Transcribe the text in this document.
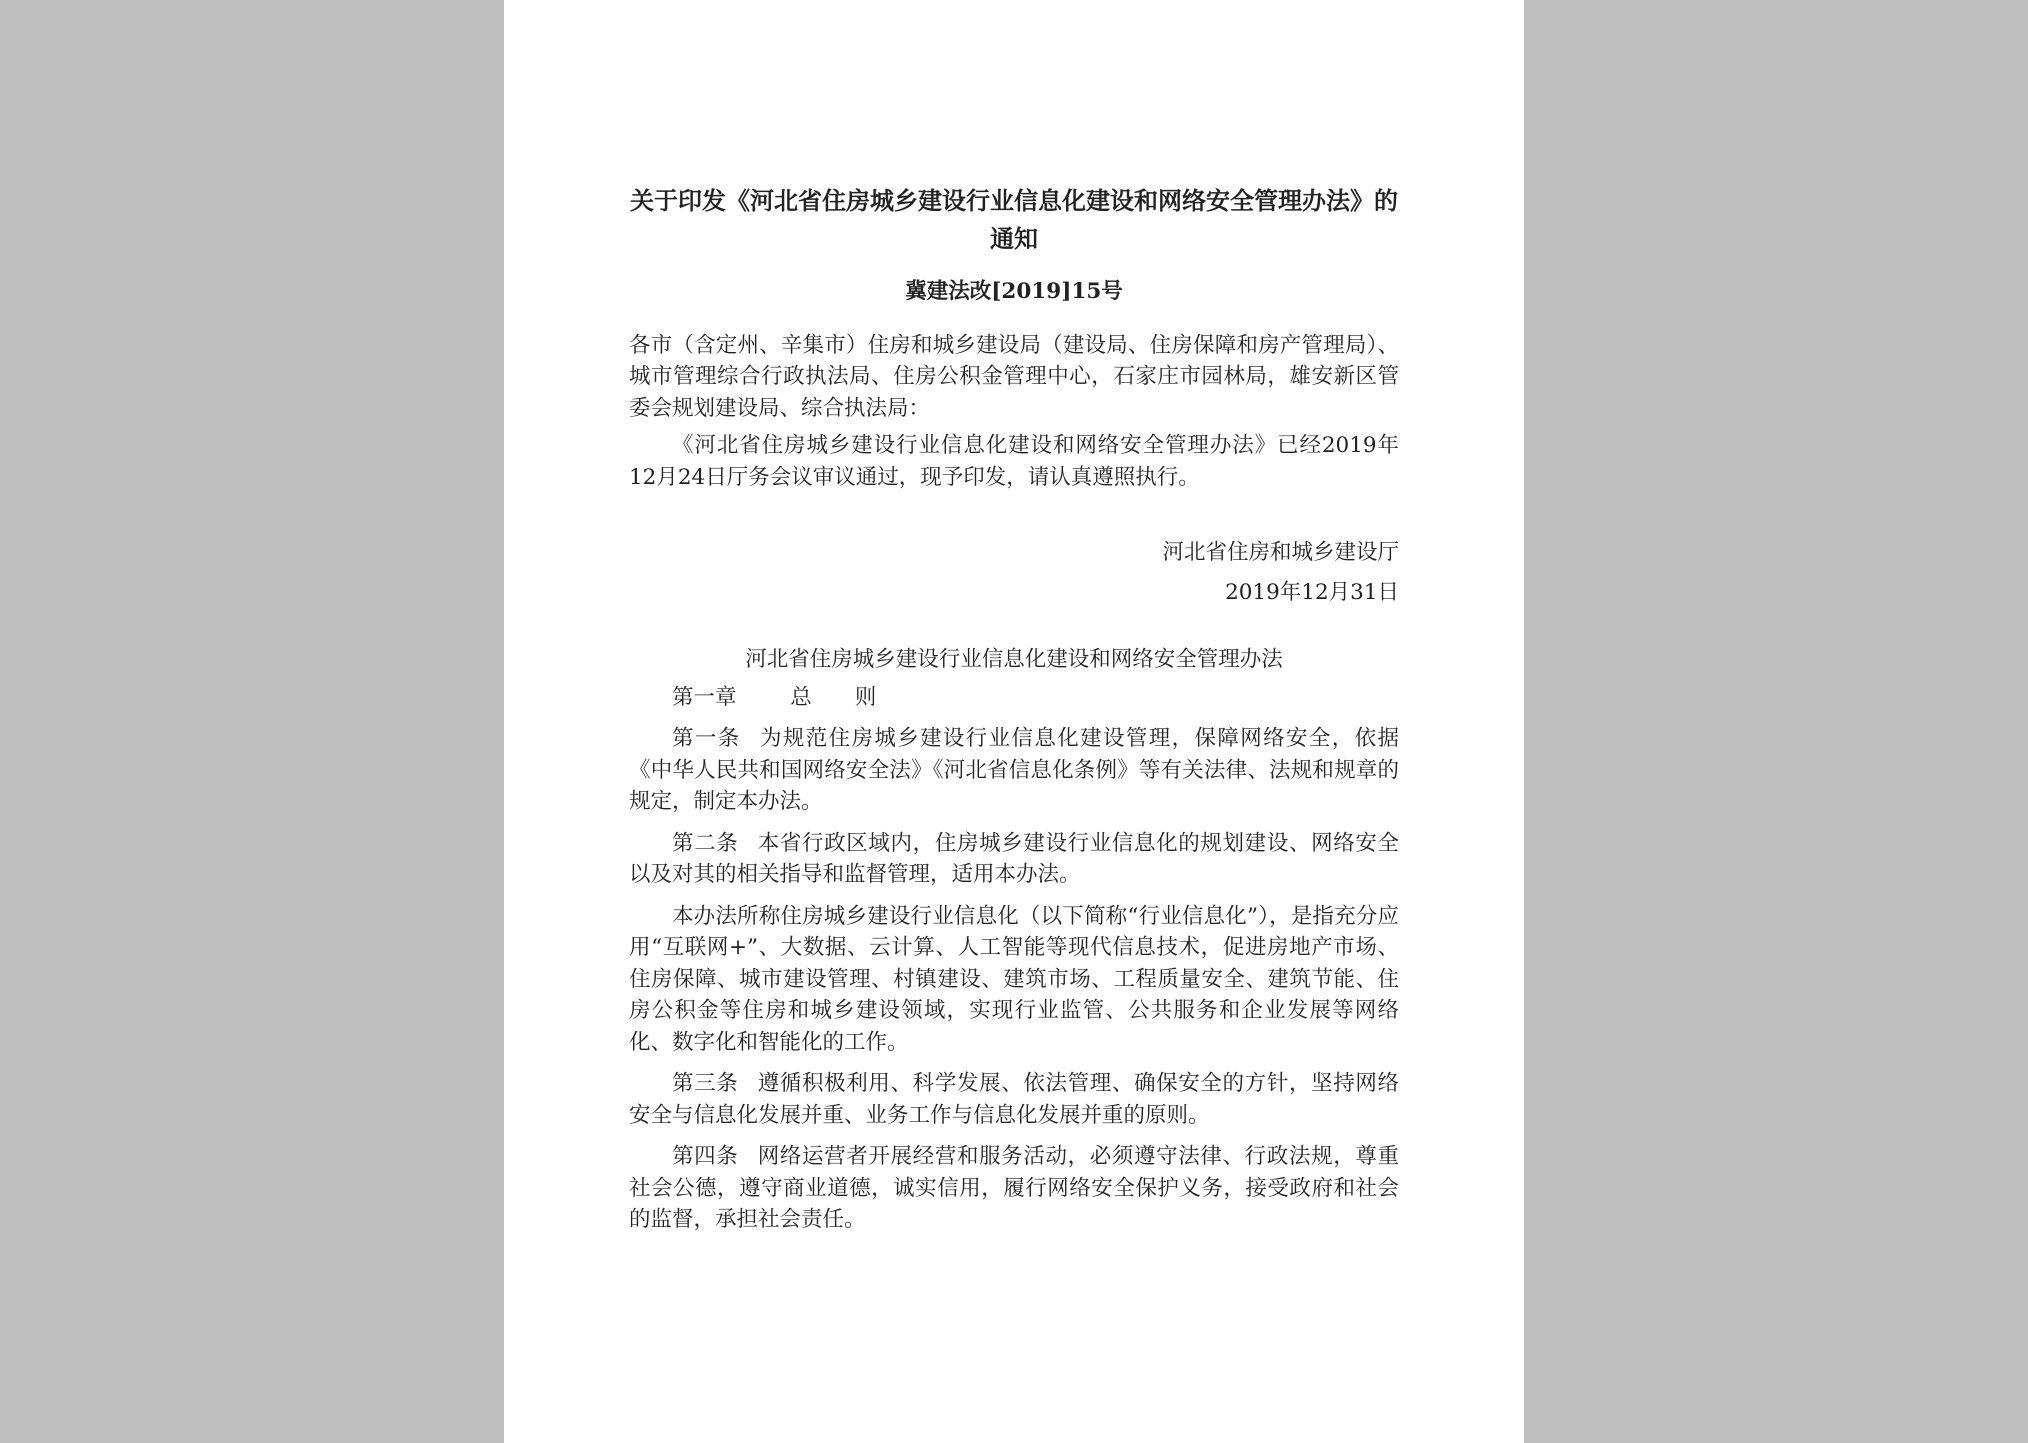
关于印发《河北省住房城乡建设行业信息化建设和网络安全管理办法》的通知

冀建法改[2019]15号

各市（含定州、辛集市）住房和城乡建设局（建设局、住房保障和房产管理局）、城市管理综合行政执法局、住房公积金管理中心，石家庄市园林局，雄安新区管委会规划建设局、综合执法局：

《河北省住房城乡建设行业信息化建设和网络安全管理办法》已经2019年12月24日厅务会议审议通过，现予印发，请认真遵照执行。

河北省住房和城乡建设厅
2019年12月31日
河北省住房城乡建设行业信息化建设和网络安全管理办法
第一章	总　　则

第一条 为规范住房城乡建设行业信息化建设管理，保障网络安全，依据《中华人民共和国网络安全法》《河北省信息化条例》等有关法律、法规和规章的规定，制定本办法。

第二条 本省行政区域内，住房城乡建设行业信息化的规划建设、网络安全以及对其的相关指导和监督管理，适用本办法。

本办法所称住房城乡建设行业信息化（以下简称“行业信息化”），是指充分应用“互联网+”、大数据、云计算、人工智能等现代信息技术，促进房地产市场、住房保障、城市建设管理、村镇建设、建筑市场、工程质量安全、建筑节能、住房公积金等住房和城乡建设领域，实现行业监管、公共服务和企业发展等网络化、数字化和智能化的工作。

第三条 遵循积极利用、科学发展、依法管理、确保安全的方针，坚持网络安全与信息化发展并重、业务工作与信息化发展并重的原则。

第四条 网络运营者开展经营和服务活动，必须遵守法律、行政法规，尊重社会公德，遵守商业道德，诚实信用，履行网络安全保护义务，接受政府和社会的监督，承担社会责任。
